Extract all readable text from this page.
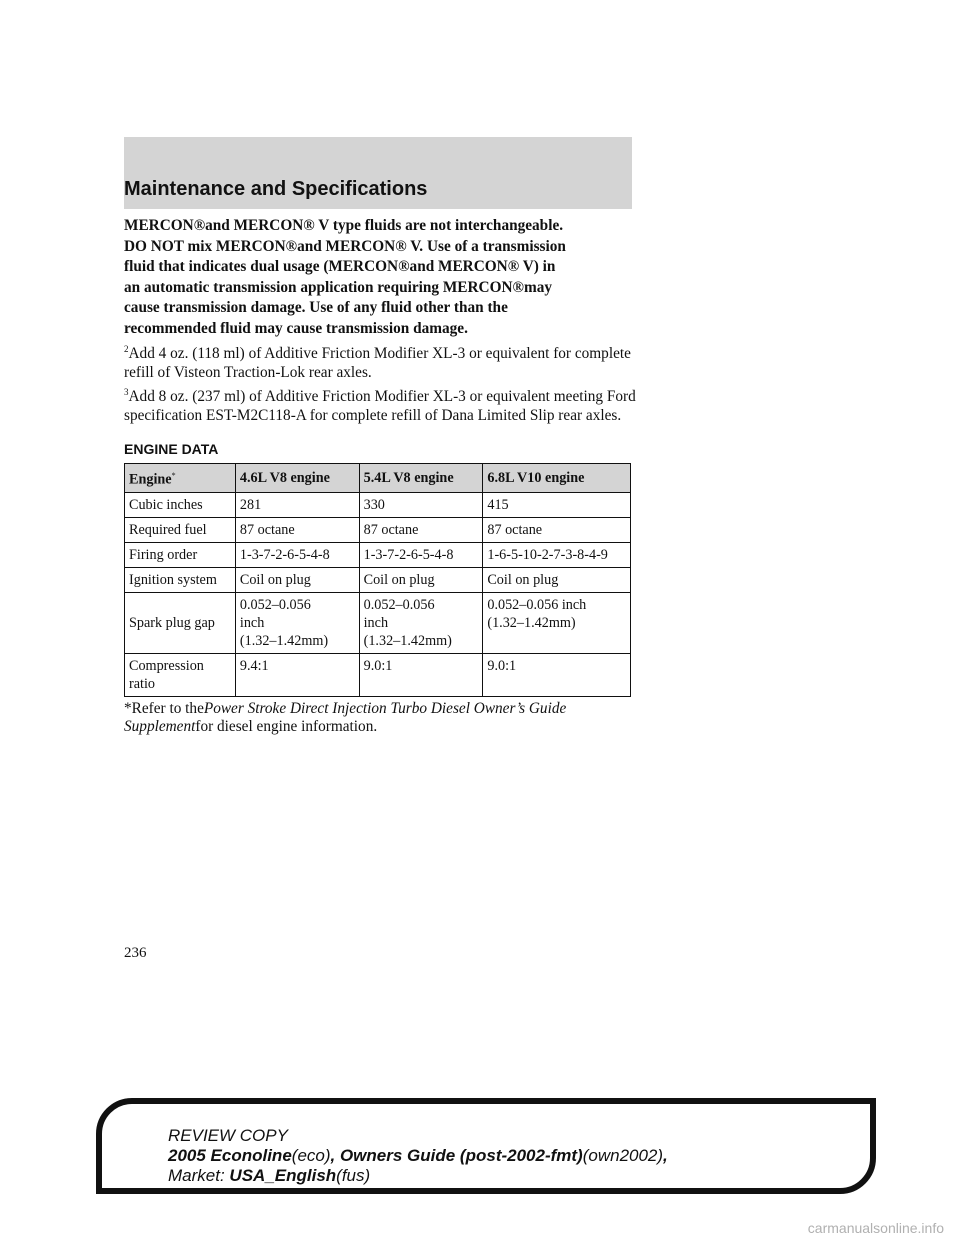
Maintenance and Specifications

MERCON®and MERCON® V type fluids are not interchangeable.
DO NOT mix MERCON®and MERCON® V. Use of a transmission
fluid that indicates dual usage (MERCON®and MERCON® V) in
an automatic transmission application requiring MERCON®may
cause transmission damage. Use of any fluid other than the
recommended fluid may cause transmission damage.

$^2$Add 4 oz. (118 ml) of Additive Friction Modifier XL-3 or equivalent for complete refill of Visteon Traction-Lok rear axles.

$^3$Add 8 oz. (237 ml) of Additive Friction Modifier XL-3 or equivalent meeting Ford specification EST-M2C118-A for complete refill of Dana Limited Slip rear axles.

ENGINE DATA
Engine*	4.6L V8 engine	5.4L V8 engine	6.8L V10 engine
Cubic inches	281	330	415
Required fuel	87 octane	87 octane	87 octane
Firing order	1-3-7-2-6-5-4-8	1-3-7-2-6-5-4-8	1-6-5-10-2-7-3-8-4-9
Ignition system	Coil on plug	Coil on plug	Coil on plug
Spark plug gap	0.052–0.056
inch
(1.32–1.42mm)	0.052–0.056
inch
(1.32–1.42mm)	0.052–0.056 inch
(1.32–1.42mm)
Compression
ratio	9.4:1	9.0:1	9.0:1

*Refer to thePower Stroke Direct Injection Turbo Diesel Owner’s Guide Supplementfor diesel engine information.

236
REVIEW COPY
2005 Econoline(eco), Owners Guide (post-2002-fmt)(own2002),
Market: USA_English(fus)
carmanualsonline.info
